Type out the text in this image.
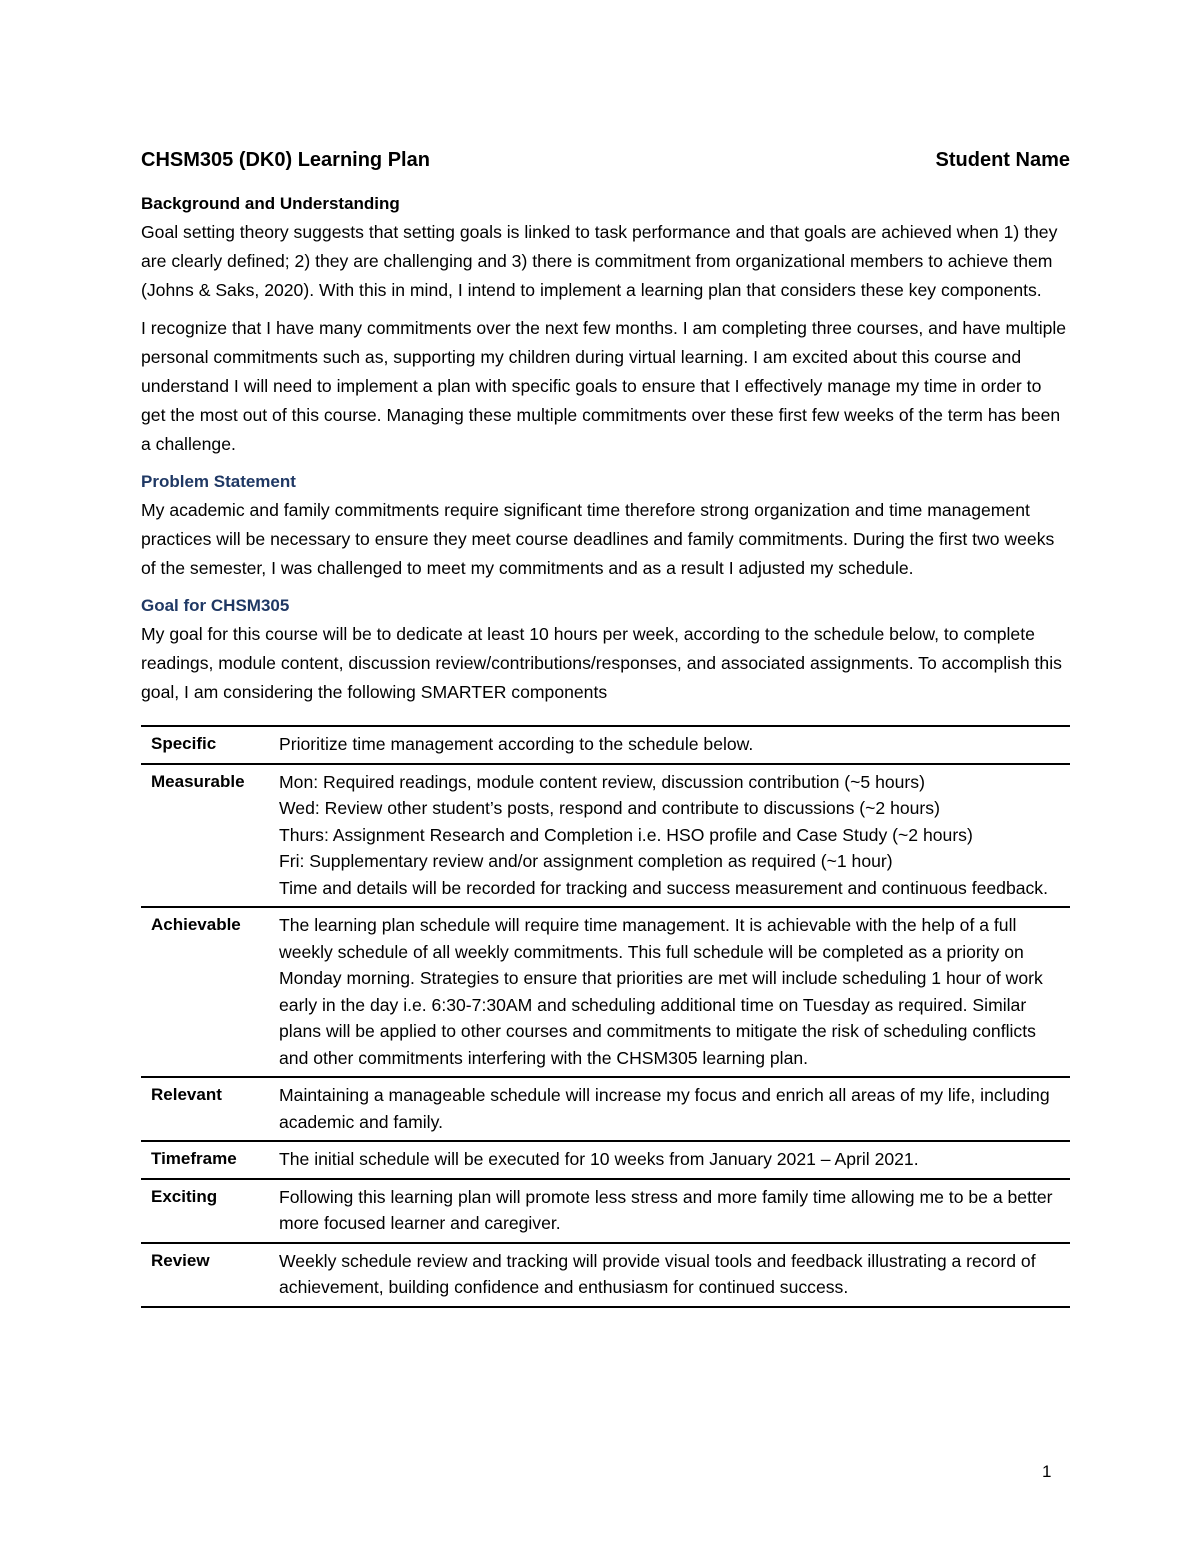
CHSM305 (DK0) Learning Plan	Student Name

Background and Understanding

Goal setting theory suggests that setting goals is linked to task performance and that goals are achieved when 1) they are clearly defined; 2) they are challenging and 3) there is commitment from organizational members to achieve them (Johns & Saks, 2020). With this in mind, I intend to implement a learning plan that considers these key components.

I recognize that I have many commitments over the next few months. I am completing three courses, and have multiple personal commitments such as, supporting my children during virtual learning. I am excited about this course and understand I will need to implement a plan with specific goals to ensure that I effectively manage my time in order to get the most out of this course. Managing these multiple commitments over these first few weeks of the term has been a challenge.

Problem Statement

My academic and family commitments require significant time therefore strong organization and time management practices will be necessary to ensure they meet course deadlines and family commitments. During the first two weeks of the semester, I was challenged to meet my commitments and as a result I adjusted my schedule.

Goal for CHSM305

My goal for this course will be to dedicate at least 10 hours per week, according to the schedule below, to complete readings, module content, discussion review/contributions/responses, and associated assignments. To accomplish this goal, I am considering the following SMARTER components

Specific	Prioritize time management according to the schedule below.

Measurable	Mon: Required readings, module content review, discussion contribution (~5 hours)
Wed: Review other student’s posts, respond and contribute to discussions (~2 hours)
Thurs: Assignment Research and Completion i.e. HSO profile and Case Study (~2 hours)
Fri: Supplementary review and/or assignment completion as required (~1 hour)
Time and details will be recorded for tracking and success measurement and continuous feedback.

Achievable	The learning plan schedule will require time management. It is achievable with the help of a full weekly schedule of all weekly commitments. This full schedule will be completed as a priority on Monday morning. Strategies to ensure that priorities are met will include scheduling 1 hour of work early in the day i.e. 6:30-7:30AM and scheduling additional time on Tuesday as required. Similar plans will be applied to other courses and commitments to mitigate the risk of scheduling conflicts and other commitments interfering with the CHSM305 learning plan.

Relevant	Maintaining a manageable schedule will increase my focus and enrich all areas of my life, including academic and family.

Timeframe	The initial schedule will be executed for 10 weeks from January 2021 – April 2021.

Exciting	Following this learning plan will promote less stress and more family time allowing me to be a better more focused learner and caregiver.

Review	Weekly schedule review and tracking will provide visual tools and feedback illustrating a record of achievement, building confidence and enthusiasm for continued success.
1
